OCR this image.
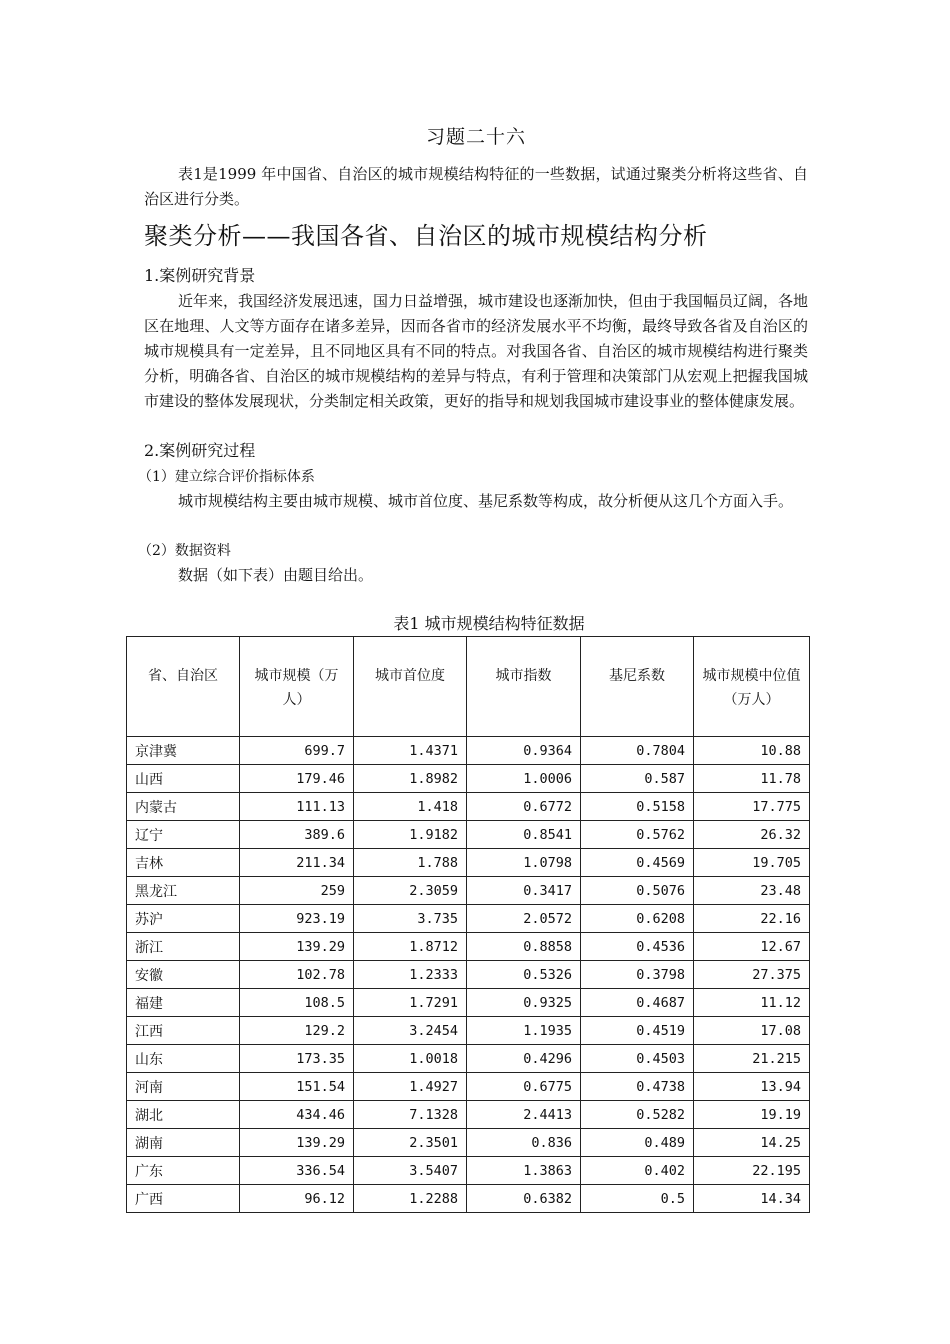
习题二十六

表1是1999 年中国省、自治区的城市规模结构特征的一些数据，试通过聚类分析将这些省、自治区进行分类。

聚类分析——我国各省、自治区的城市规模结构分析
1.案例研究背景

近年来，我国经济发展迅速，国力日益增强，城市建设也逐渐加快，但由于我国幅员辽阔，各地区在地理、人文等方面存在诸多差异，因而各省市的经济发展水平不均衡，最终导致各省及自治区的城市规模具有一定差异，且不同地区具有不同的特点。对我国各省、自治区的城市规模结构进行聚类分析，明确各省、自治区的城市规模结构的差异与特点，有利于管理和决策部门从宏观上把握我国城市建设的整体发展现状，分类制定相关政策，更好的指导和规划我国城市建设事业的整体健康发展。

2.案例研究过程
（1）建立综合评价指标体系

城市规模结构主要由城市规模、城市首位度、基尼系数等构成，故分析便从这几个方面入手。

（2）数据资料

数据（如下表）由题目给出。

表1 城市规模结构特征数据
省、自治区	城市规模（万人）	城市首位度	城市指数	基尼系数	城市规模中位值（万人）
京津冀	699.7	1.4371	0.9364	0.7804	10.88
山西	179.46	1.8982	1.0006	0.587	11.78
内蒙古	111.13	1.418	0.6772	0.5158	17.775
辽宁	389.6	1.9182	0.8541	0.5762	26.32
吉林	211.34	1.788	1.0798	0.4569	19.705
黑龙江	259	2.3059	0.3417	0.5076	23.48
苏沪	923.19	3.735	2.0572	0.6208	22.16
浙江	139.29	1.8712	0.8858	0.4536	12.67
安徽	102.78	1.2333	0.5326	0.3798	27.375
福建	108.5	1.7291	0.9325	0.4687	11.12
江西	129.2	3.2454	1.1935	0.4519	17.08
山东	173.35	1.0018	0.4296	0.4503	21.215
河南	151.54	1.4927	0.6775	0.4738	13.94
湖北	434.46	7.1328	2.4413	0.5282	19.19
湖南	139.29	2.3501	0.836	0.489	14.25
广东	336.54	3.5407	1.3863	0.402	22.195
广西	96.12	1.2288	0.6382	0.5	14.34
